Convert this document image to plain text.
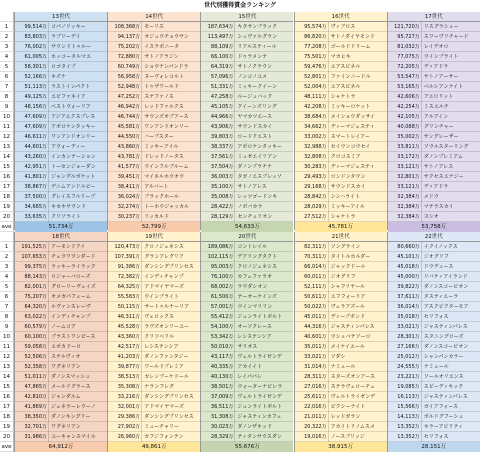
世代別獲得賞金ランキング
1
2
3
4
5
6
7
8
9
10
11
12
13
14
15
16
17
18
19
20
ave
13世代
99,514万 コパノリッキー
83,803万 ラブリーデイ
76,002万 サウンドトゥルー
61,005万 ホッコータルマエ
58,301万 ロゴタイプ
52,166万 キズナ
51,113万 ラストインパクト
49,125万 エピファネイア
48,156万 ベストウォーリア
47,609万 アジアエクスプレス
47,609万 アポロケンタッキー
46,611万 ワンアンドオンリー
44,601万 アウォーディー
43,260万 インカンテーション
42,951万 トーセンジョーダン
41,801万 ジャングルポケット
38,867万 デニムアンドルビー
37,500万 グレイスフルリープ
34,665万 キセキサウンド
33,635万 クリソライト
51,734万
14世代
108,368万 モーリス
94,137万 オジュウチョウサン
75,202万 イスラボニータ
72,880万 サトノアラジン
60,749万 ショウナンパンドラ
56,958万 ヌーヴォレコルト
52,948万 トゥザワールド
47,252万 ステファノス
46,942万 レッドファルクス
46,744万 サウンズオブアース
45,581万 ワンアンドオンリー
44,550万 ハープスター
43,860万 ミッキーアイル
43,781万 ドレッドノータス
41,577万 ウインフルブルーム
39,451万 マイネルホウオウ
38,411万 アルバート
36,024万 ブラックホール
32,274万 トーホウジャッカル
30,237万 リッカルド
52,799万
15世代
187,634万 キタサンブラック
113,497万 シュヴァルグラン
88,109万 リアルスティール
66,100万 ドゥラメンテ
64,319万 サトノクラウン
57,096万 ノンコノユメ
51,331万 ミッキークイーン
47,258万 ルージュバック
45,105万 クイーンズリング
44,966万 ヤマカツエース
43,906万 サウンドスカイ
39,803万 ロードクエスト
38,337万 アポロケンタッキー
37,561万 ミュゼエイリアン
37,504万 ダノンプラチナ
36,003万 タガノエスプレッソ
35,100万 サトノアレス
35,008万 レッツゴードンキ
28,422万 ノボバカラ
28,129万 センチュリオン
54,633万
16世代
95,574万 ヴィブロス
86,820万 サトノダイヤモンド
77,208万 ゴールドドリーム
75,501万 マカヒキ
59,476万 エアスピネル
52,801万 ファインニードル
52,004万 エアスピネル
48,111万 シャケトラ
42,208万 ミッキーロケット
38,684万 メイショウダッサイ
34,662万 ディーマジェスティ
33,002万 スマートレイアー
32,988万 セイウンコウセイ
32,808万 クロコスミア
30,283万 ディーマジェスティ
29,493万 ロンドンタウン
29,168万 サウンドスカイ
28,842万 シンハライト
28,029万 ミッキーアイル
27,512万 シャケトラ
45,781万
17世代
121,720万 リスグラシュー
95,727万 スワーヴリチャード
81,032万 レイデオロ
77,075万 ウインブライト
72,205万 ディアドラ
53,547万 サトノアーサー
53,165万 ペルシアンナイト
42,606万 アエロリット
42,254万 ミスエルテ
42,105万 アルアイン
40,088万 グリンチャー
35,002万 サングレーザー
33,811万 ソウルスターリング
33,172万 ダノンプレミアム
33,121万 サトノアレス
32,801万 サクセスエナジー
33,121万 ディアドラ
32,384万 メドウ
32,384万 マテラスカイ
32,384万 ヨシオ
53,758万
1
2
3
4
5
6
7
8
9
10
11
12
13
14
15
16
17
18
19
20
ave
18世代
191,525万 アーモンドアイ
107,653万 チェウワウンダード
99,375万 ラッキーライラック
88,143万 ロジャーバローズ
82,001万 グローリーヴェイズ
75,207万 オメガパフューム
64,320万 ルヴァンスレーヴ
63,022万 インディチャンプ
60,579万 ノームコア
60,100万 ブラストワンピース
59,058万 エポカドーロ
52,506万 ステルヴィオ
52,358万 ワグネリアン
51,011万 ダノンスマッシュ
47,865万 メールドグラース
42,810万 ジャンダルム
41,869万 ジェネラーレウーノ
38,350万 ダノンキングリー
32,701万 ワグネリアン
31,986万 ユーキャンスマイル
64,912万
19世代
120,473万 クロノジェネシス
107,391万 グランアレグリア
91,386万 ダンシングプリンセス
72,382万 インディチャンプ
64,325万 アドマイヤマーズ
55,583万 ウインブライト
50,115万 サートゥルナーリア
46,311万 ヴェロックス
45,528万 ラヴズオンリーユー
43,360万 クリソベリル
42,517万 レシステンシア
41,203万 ダノンファンタジー
39,877万 ワールドプレミア
38,513万 カレンブーケドール
35,308万 ナランフレグ
33,216万 ダンシングプリンセス
32,001万 アドマイヤマーズ
29,386万 ダンシングプリンセス
27,902万 ミューチャリー
26,960万 カフジフォンテン
49,861万
20世代
189,086万 コントレイル
102,115万 デアリングタクト
95,003万 クロノジェネシス
76,100万 カフェファラオ
68,002万 ラウダシオン
61,500万 テーオーケインズ
57,001万 ウインマリリン
55,412万 ジュンライトボルト
54,100万 オーソクレース
53,342万 レシステンシア
50,010万 サリオス
43,117万 ヴェルトライゼンデ
40,335万 アカイイト
40,130万 レイパパレ
38,501万 ウォーターナビレラ
37,009万 ヴェルトライゼンデ
36,511万 ジュンライトボルト
31,308万 ジャスティンカフェ
30,023万 ダノンザキッド
28,329万 ティタンサウスダン
55,676万
21世代
82,311万 ソングライン
70,311万 タイトルホルダー
66,014万 ジャックドール
60,011万 ジオグリフ
52,111万 シャフリヤール
50,611万 エフフォーリア
50,022万 ヴェラアズール
45,011万 ディープボンド
44,316万 ジャスティンパレス
40,601万 ウシュバテソーロ
35,011万 メイケイエール
33,021万 ソダシ
31,014万 ナミュール
28,311万 スターズオンアース
27,016万 ステラヴェローチェ
25,611万 ヴェルトライゼンデ
22,016万 ピクシーナイト
21,011万 レッドガラン
20,322万 アカイトリノムスメ
19,016万 ノースブリッジ
38,915万
22世代
80,660万 イクイノックス
45,101万 ジオグリフ
45,018万 ドウデュース
45,000万 リバティアイランド
39,822万 ダノンスコーピオン
37,611万 タスティエーラ
36,014万 アスクビクターモア
35,018万 セリフォス
33,021万 ジャスティンパレス
28,301万 スタニングローズ
27,166万 ダノンスコーピオン
25,012万 シャンパンカラー
24,555万 ナミュール
23,221万 ソールオリエンス
19,085万 スピーディキック
16,113万 ジャスティンパレス
15,566万 ガイアフォース
14,113万 ボルドグフーシュ
13,352万 キラーアビリティ
13,352万 セリフォス
28,151万
